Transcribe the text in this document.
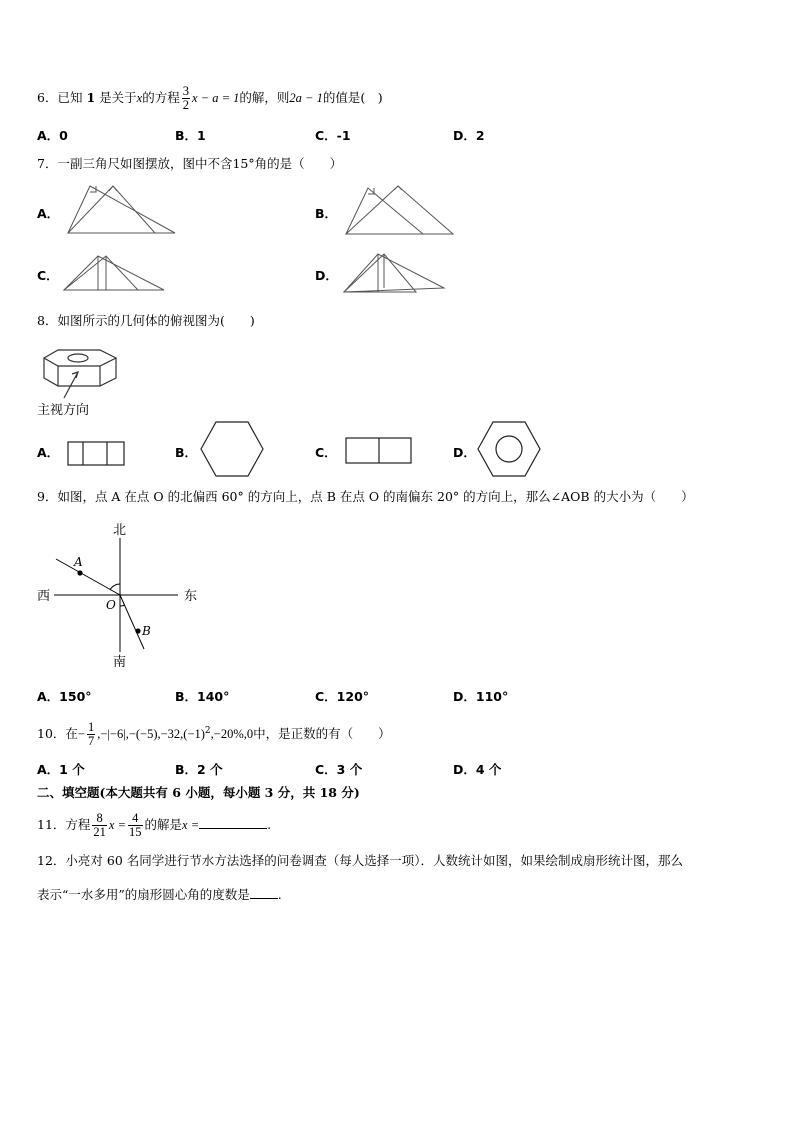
6．已知 1 是关于x的方程 $\frac{3}{2}$ x − a = 1的解，则2a − 1的值是(　)
A．0	B．1	C．-1	D．2
7．一副三角尺如图摆放，图中不含15°角的是（　　）
A．	B．
C．	D．
8．如图所示的几何体的俯视图为(　　)
主视方向
A．	B．	C．	D．
9．如图，点 A 在点 O 的北偏西 60° 的方向上，点 B 在点 O 的南偏东 20° 的方向上，那么∠AOB 的大小为（　　）
北
南
西	东
A
B
O
A．150°	B．140°	C．120°	D．110°
10．在− $\frac{1}{7} ,-|-6|,-(-5),-32,(-1)^2,-20\%,0$中，是正数的有（　　）
A．1 个	B．2 个	C．3 个	D．4 个
二、填空题(本大题共有 6 小题，每小题 3 分，共 18 分)
11．方程 $\frac{8}{21}$ $x = \frac{4}{15}$ 的解是x =	.
12．小亮对 60 名同学进行节水方法选择的问卷调查（每人选择一项）．人数统计如图，如果绘制成扇形统计图，那么
表示“一水多用”的扇形圆心角的度数是 .
